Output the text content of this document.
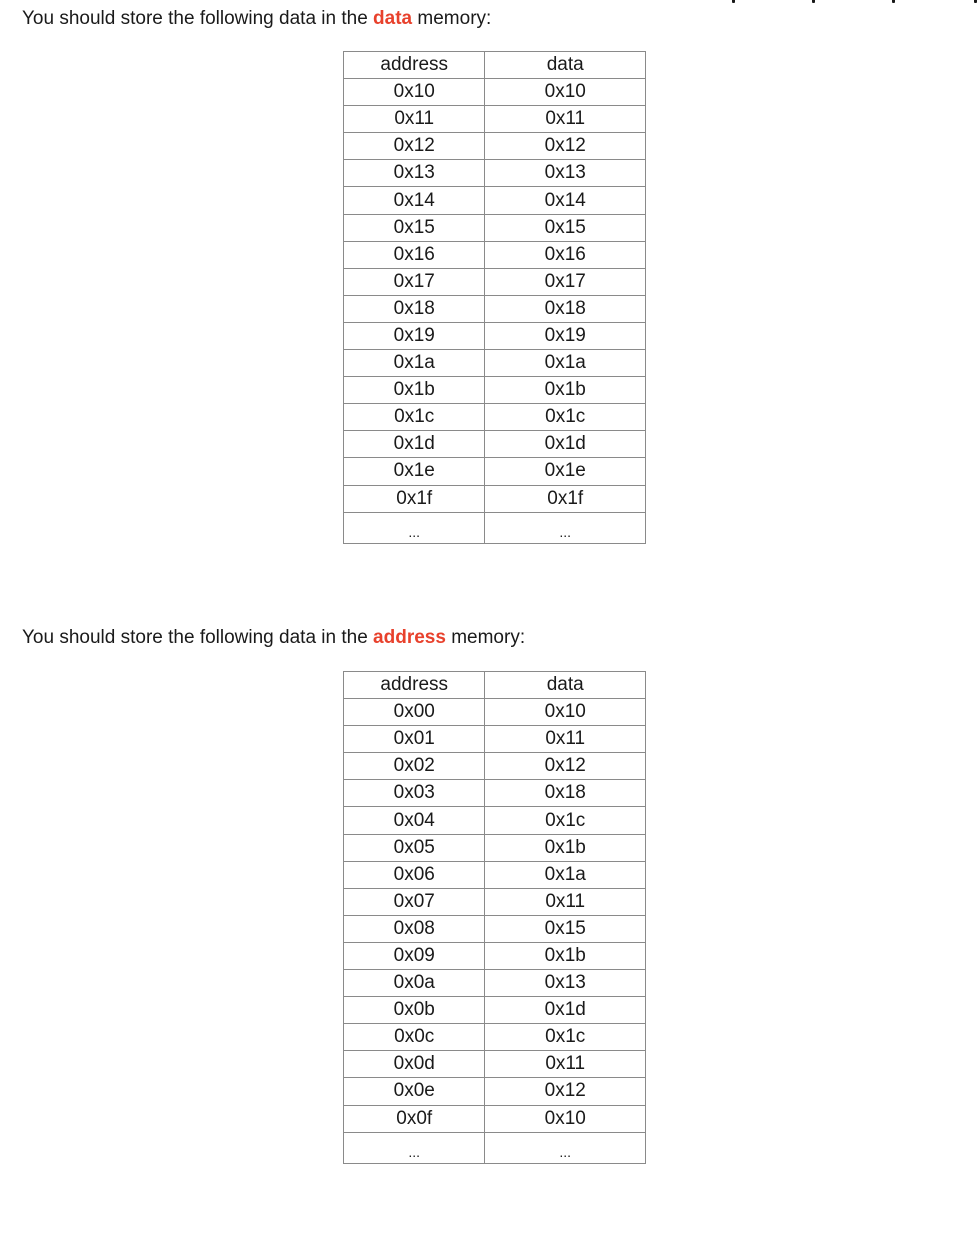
You should store the following data in the data memory:

address	data
0x10	0x10
0x11	0x11
0x12	0x12
0x13	0x13
0x14	0x14
0x15	0x15
0x16	0x16
0x17	0x17
0x18	0x18
0x19	0x19
0x1a	0x1a
0x1b	0x1b
0x1c	0x1c
0x1d	0x1d
0x1e	0x1e
0x1f	0x1f
...	...

You should store the following data in the address memory:

address	data
0x00	0x10
0x01	0x11
0x02	0x12
0x03	0x18
0x04	0x1c
0x05	0x1b
0x06	0x1a
0x07	0x11
0x08	0x15
0x09	0x1b
0x0a	0x13
0x0b	0x1d
0x0c	0x1c
0x0d	0x11
0x0e	0x12
0x0f	0x10
...	...
